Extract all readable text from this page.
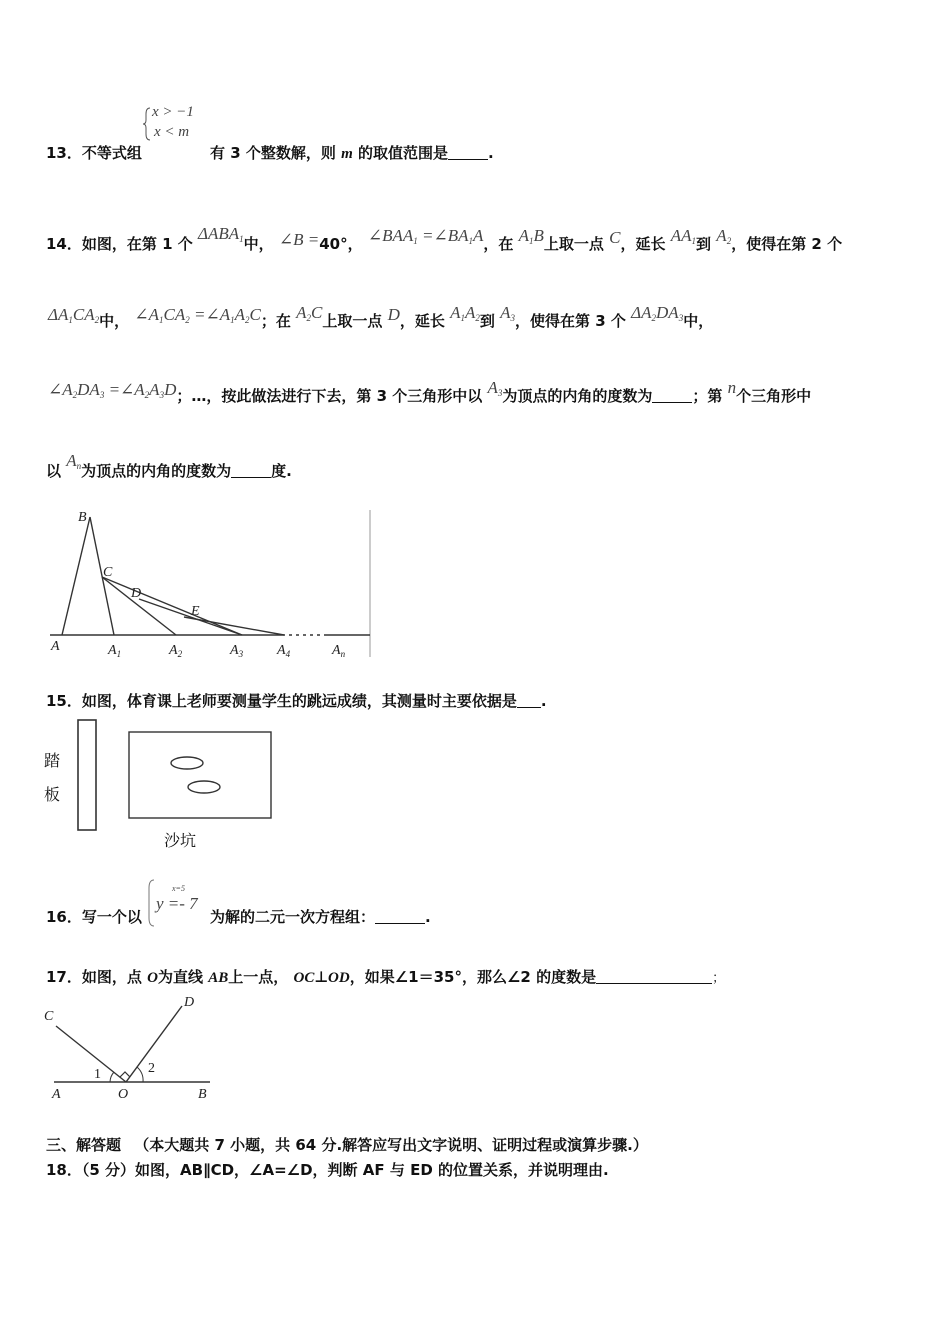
x > −1
x < m
13．不等式组	有 3 个整数解，则 m 的取值范围是	.
14．如图，在第 1 个 $\Delta ABA_1$中， ∠B =40°， $\angle BAA_1$ $=\angle BA_1A$，在 $A_1B$上取一点 C，延长 $AA_1$到 $A_2$，使得在第 2 个
$\Delta A_1CA_2$中， $\angle A_1CA_2$ $=\angle A_1A_2C$；在 $A_2C$上取一点 D，延长 $A_1A_2$到 $A_3$，使得在第 3 个 $\Delta A_2DA_3$中，
$\angle A_2DA_3$ $=\angle A_2A_3D$；…，按此做法进行下去，第 3 个三角形中以 $A_3$为顶点的内角的度数为	；第 n个三角形中
以 $A_n$为顶点的内角的度数为	度.
B
C
D
E
A	$A_1$	$A_2$	$A_3$ $A_4$	$A_n$
15．如图，体育课上老师要测量学生的跳远成绩，其测量时主要依据是 .
踏
板
沙坑
16．写一个以
x=5
y =- 7
为解的二元一次方程组：	.
17．如图，点 O为直线 AB上一点， OC⊥OD，如果∠1＝35°，那么∠2 的度数是	；
C
D
A	O	B
1	2
三、解答题 （本大题共 7 小题，共 64 分.解答应写出文字说明、证明过程或演算步骤.）
18．（5 分）如图，AB∥CD，∠A=∠D，判断 AF 与 ED 的位置关系，并说明理由.
